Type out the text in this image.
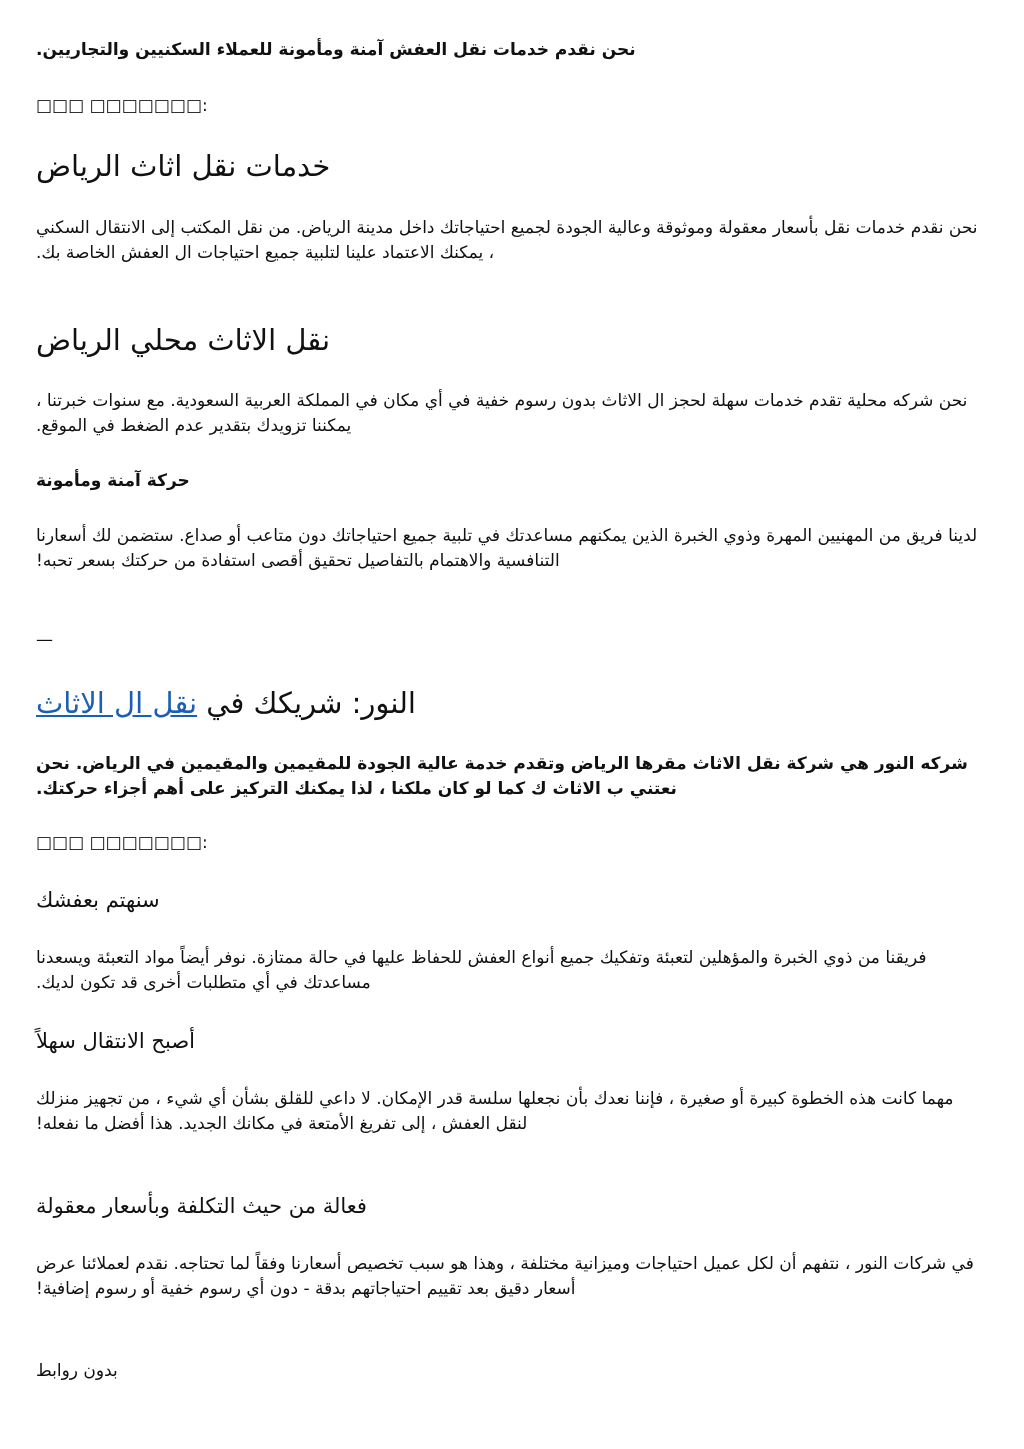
نحن نقدم خدمات نقل العفش آمنة ومأمونة للعملاء السكنيين والتجاريين.

□□□ □□□□□□□:

خدمات نقل اثاث الرياض

نحن نقدم خدمات نقل بأسعار معقولة وموثوقة وعالية الجودة لجميع احتياجاتك داخل مدينة الرياض. من نقل المكتب إلى الانتقال السكني ، يمكنك الاعتماد علينا لتلبية جميع احتياجات ال العفش الخاصة بك.

نقل الاثاث محلي الرياض

نحن شركه محلية تقدم خدمات سهلة لحجز ال الاثاث بدون رسوم خفية في أي مكان في المملكة العربية السعودية. مع سنوات خبرتنا ، يمكننا تزويدك بتقدير عدم الضغط في الموقع.

حركة آمنة ومأمونة

لدينا فريق من المهنيين المهرة وذوي الخبرة الذين يمكنهم مساعدتك في تلبية جميع احتياجاتك دون متاعب أو صداع. ستضمن لك أسعارنا التنافسية والاهتمام بالتفاصيل تحقيق أقصى استفادة من حركتك بسعر تحبه!

—
النور: شريكك في نقل ال الاثاث

شركه النور هي شركة نقل الاثاث مقرها الرياض وتقدم خدمة عالية الجودة للمقيمين والمقيمين في الرياض. نحن نعتني ب الاثاث ك كما لو كان ملكنا ، لذا يمكنك التركيز على أهم أجزاء حركتك.

□□□ □□□□□□□:

سنهتم بعفشك

فريقنا من ذوي الخبرة والمؤهلين لتعبئة وتفكيك جميع أنواع العفش للحفاظ عليها في حالة ممتازة. نوفر أيضاً مواد التعبئة ويسعدنا مساعدتك في أي متطلبات أخرى قد تكون لديك.

أصبح الانتقال سهلاً

مهما كانت هذه الخطوة كبيرة أو صغيرة ، فإننا نعدك بأن نجعلها سلسة قدر الإمكان. لا داعي للقلق بشأن أي شيء ، من تجهيز منزلك لنقل العفش ، إلى تفريغ الأمتعة في مكانك الجديد. هذا أفضل ما نفعله!

فعالة من حيث التكلفة وبأسعار معقولة

في شركات النور ، نتفهم أن لكل عميل احتياجات وميزانية مختلفة ، وهذا هو سبب تخصيص أسعارنا وفقاً لما تحتاجه. نقدم لعملائنا عرض أسعار دقيق بعد تقييم احتياجاتهم بدقة - دون أي رسوم خفية أو رسوم إضافية!

بدون روابط
